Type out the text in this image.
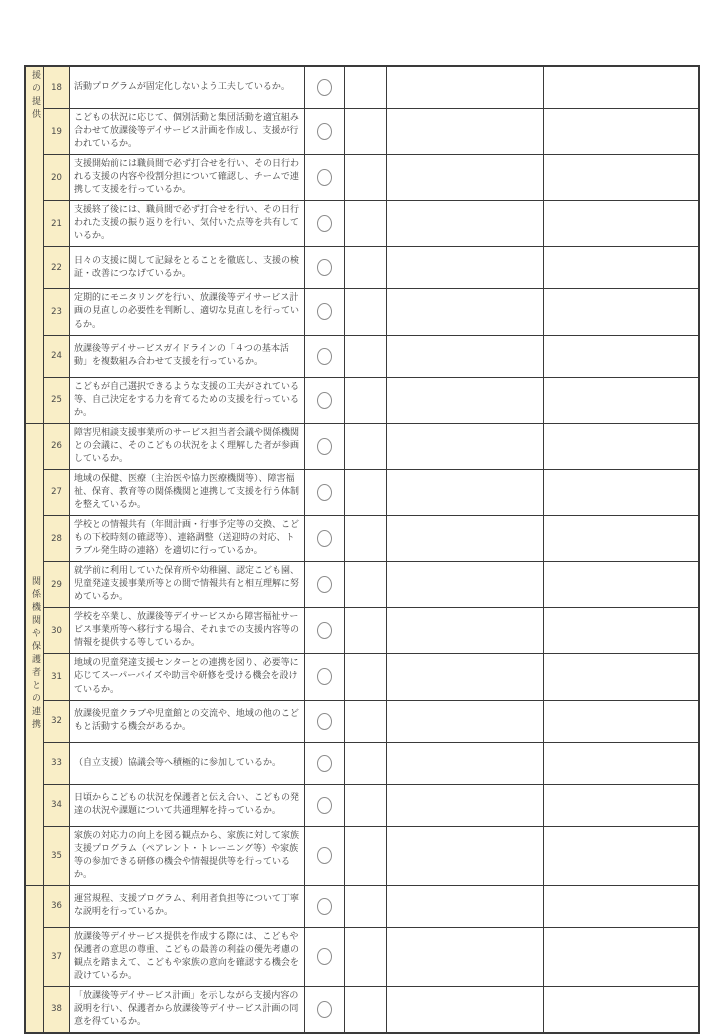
援の提供 18 活動プログラムが固定化しないよう工夫しているか。
19
こどもの状況に応じて、個別活動と集団活動を適宜組み合わせて放課後等デイサービス計画を作成し、支援が行われているか。
20
支援開始前には職員間で必ず打合せを行い、その日行われる支援の内容や役割分担について確認し、チームで連携して支援を行っているか。
21
支援終了後には、職員間で必ず打合せを行い、その日行われた支援の振り返りを行い、気付いた点等を共有しているか。
22
日々の支援に関して記録をとることを徹底し、支援の検証・改善につなげているか。
23
定期的にモニタリングを行い、放課後等デイサービス計画の見直しの必要性を判断し、適切な見直しを行っているか。
24
放課後等デイサービスガイドラインの「４つの基本活動」を複数組み合わせて支援を行っているか。
25
こどもが自己選択できるような支援の工夫がされている等、自己決定をする力を育てるための支援を行っているか。
関係機関や保護者との連携
26
障害児相談支援事業所のサービス担当者会議や関係機関との会議に、そのこどもの状況をよく理解した者が参画しているか。
27
地域の保健、医療（主治医や協力医療機関等）、障害福祉、保育、教育等の関係機関と連携して支援を行う体制を整えているか。
28
学校との情報共有（年間計画・行事予定等の交換、こどもの下校時刻の確認等）、連絡調整（送迎時の対応、トラブル発生時の連絡）を適切に行っているか。
29
就学前に利用していた保育所や幼稚園、認定こども園、児童発達支援事業所等との間で情報共有と相互理解に努めているか。
30
学校を卒業し、放課後等デイサービスから障害福祉サービス事業所等へ移行する場合、それまでの支援内容等の情報を提供する等しているか。
31
地域の児童発達支援センターとの連携を図り、必要等に応じてスーパーバイズや助言や研修を受ける機会を設けているか。
32
放課後児童クラブや児童館との交流や、地域の他のこどもと活動する機会があるか。
33 （自立支援）協議会等へ積極的に参加しているか。
34
日頃からこどもの状況を保護者と伝え合い、こどもの発達の状況や課題について共通理解を持っているか。
35
家族の対応力の向上を図る観点から、家族に対して家族支援プログラム（ペアレント・トレーニング等）や家族等の参加できる研修の機会や情報提供等を行っているか。
36
運営規程、支援プログラム、利用者負担等について丁寧な説明を行っているか。
37
放課後等デイサービス提供を作成する際には、こどもや保護者の意思の尊重、こどもの最善の利益の優先考慮の観点を踏まえて、こどもや家族の意向を確認する機会を設けているか。
38
「放課後等デイサービス計画」を示しながら支援内容の説明を行い、保護者から放課後等デイサービス計画の同意を得ているか。
